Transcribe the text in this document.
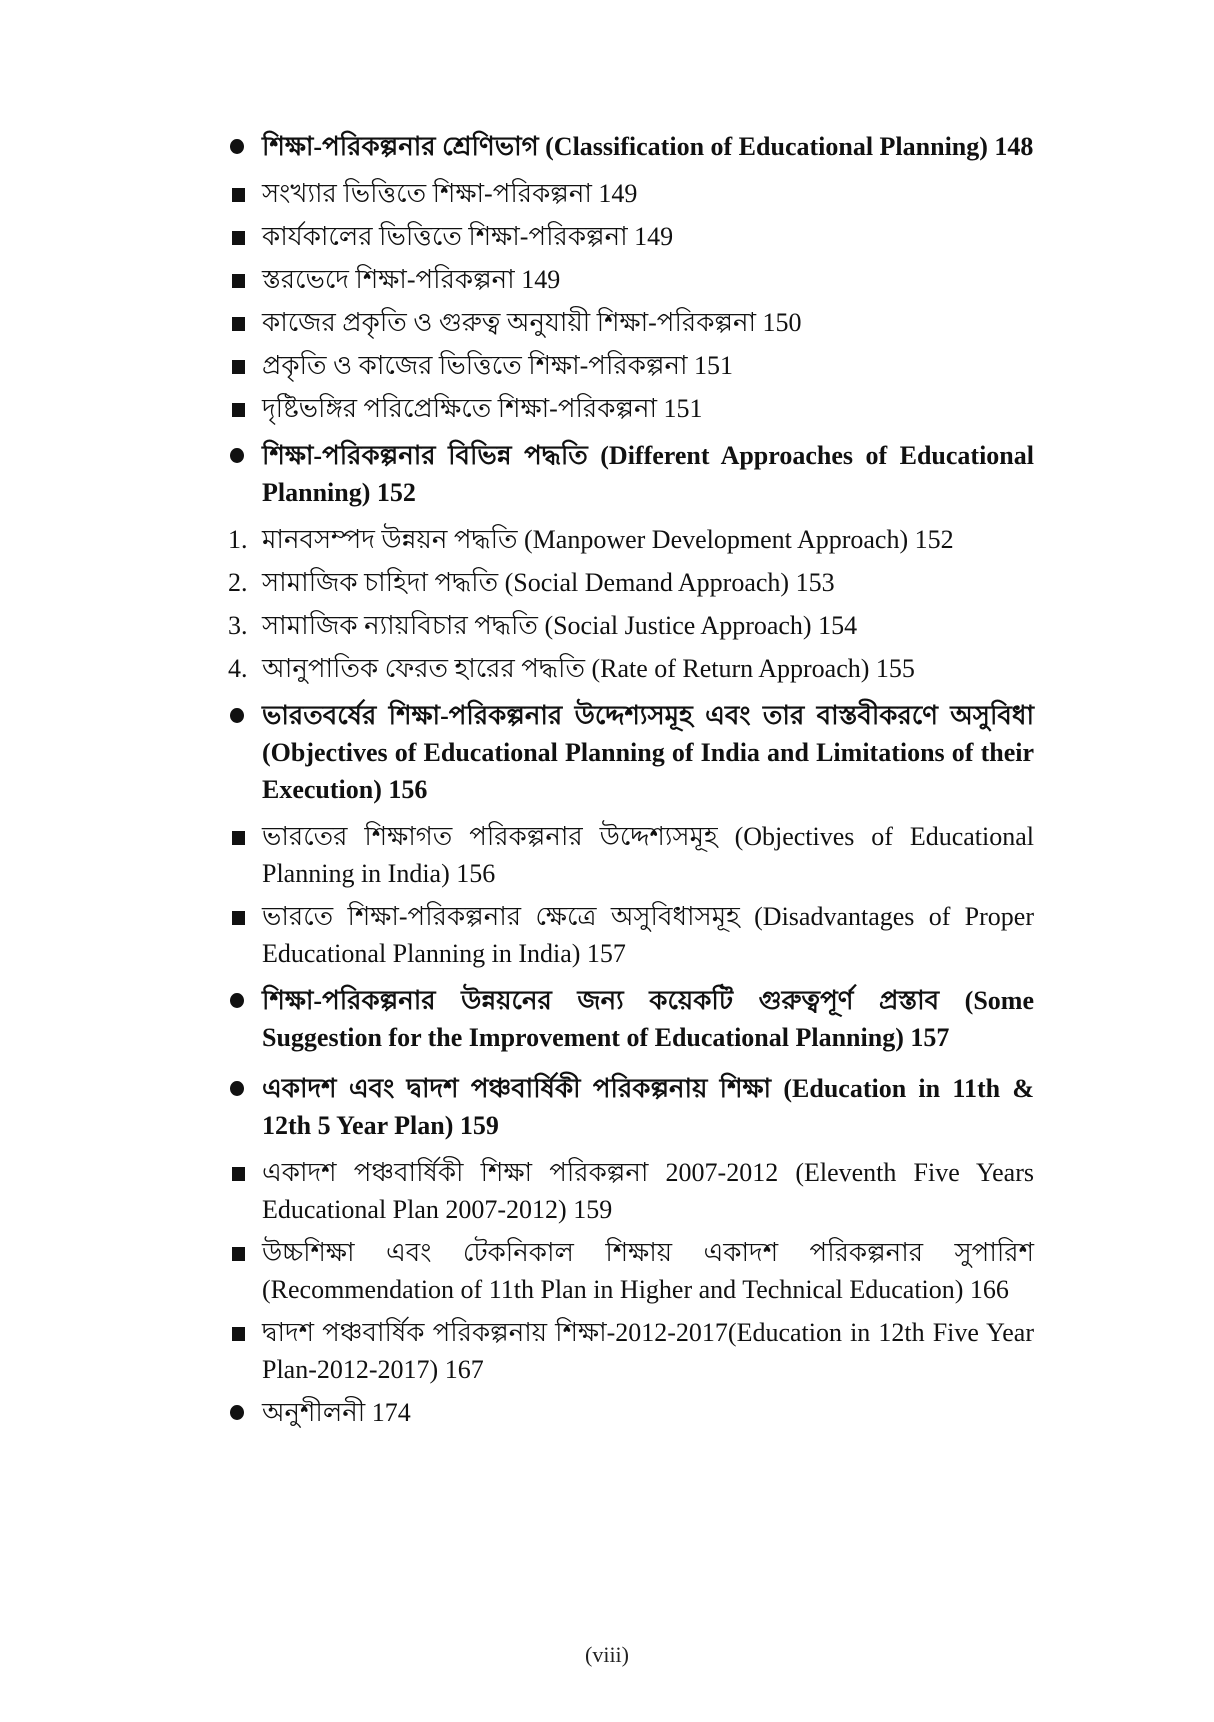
শিক্ষা-পরিকল্পনার শ্রেণিভাগ (Classification of Educational Planning) 148
সংখ্যার ভিত্তিতে শিক্ষা-পরিকল্পনা 149
কার্যকালের ভিত্তিতে শিক্ষা-পরিকল্পনা 149
স্তরভেদে শিক্ষা-পরিকল্পনা 149
কাজের প্রকৃতি ও গুরুত্ব অনুযায়ী শিক্ষা-পরিকল্পনা 150
প্রকৃতি ও কাজের ভিত্তিতে শিক্ষা-পরিকল্পনা 151
দৃষ্টিভঙ্গির পরিপ্রেক্ষিতে শিক্ষা-পরিকল্পনা 151
শিক্ষা-পরিকল্পনার বিভিন্ন পদ্ধতি (Different Approaches of Educational Planning) 152
1. মানবসম্পদ উন্নয়ন পদ্ধতি (Manpower Development Approach) 152
2. সামাজিক চাহিদা পদ্ধতি (Social Demand Approach) 153
3. সামাজিক ন্যায়বিচার পদ্ধতি (Social Justice Approach) 154
4. আনুপাতিক ফেরত হারের পদ্ধতি (Rate of Return Approach) 155
ভারতবর্ষের শিক্ষা-পরিকল্পনার উদ্দেশ্যসমূহ এবং তার বাস্তবীকরণে অসুবিধা (Objectives of Educational Planning of India and Limitations of their Execution) 156
ভারতের শিক্ষাগত পরিকল্পনার উদ্দেশ্যসমূহ (Objectives of Educational Planning in India) 156
ভারতে শিক্ষা-পরিকল্পনার ক্ষেত্রে অসুবিধাসমূহ (Disadvantages of Proper Educational Planning in India) 157
শিক্ষা-পরিকল্পনার উন্নয়নের জন্য কয়েকটি গুরুত্বপূর্ণ প্রস্তাব (Some Suggestion for the Improvement of Educational Planning) 157
একাদশ এবং দ্বাদশ পঞ্চবার্ষিকী পরিকল্পনায় শিক্ষা (Education in 11th & 12th 5 Year Plan) 159
একাদশ পঞ্চবার্ষিকী শিক্ষা পরিকল্পনা 2007-2012 (Eleventh Five Years Educational Plan 2007-2012) 159
উচ্চশিক্ষা এবং টেকনিকাল শিক্ষায় একাদশ পরিকল্পনার সুপারিশ (Recommendation of 11th Plan in Higher and Technical Education) 166
দ্বাদশ পঞ্চবার্ষিক পরিকল্পনায় শিক্ষা-2012-2017(Education in 12th Five Year Plan-2012-2017) 167
অনুশীলনী 174
(viii)
